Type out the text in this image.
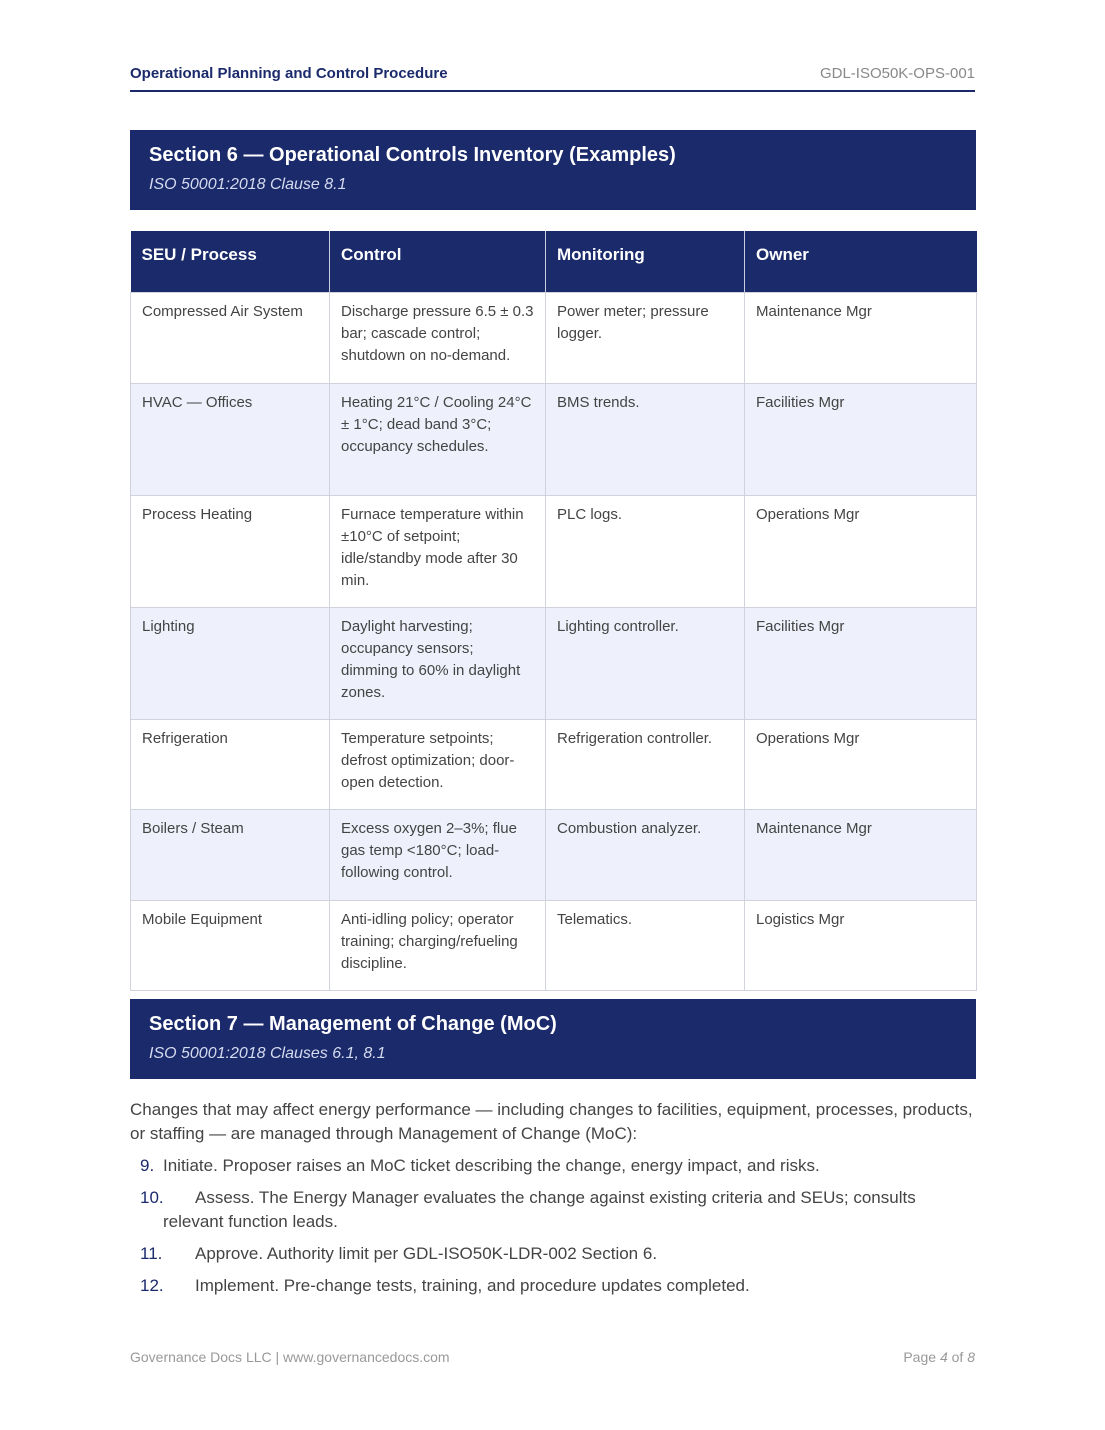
Operational Planning and Control Procedure	GDL-ISO50K-OPS-001
Section 6 — Operational Controls Inventory (Examples)
ISO 50001:2018 Clause 8.1
SEU / Process	Control	Monitoring	Owner
Compressed Air System	Discharge pressure 6.5 ± 0.3 bar; cascade control; shutdown on no-demand.	Power meter; pressure logger.	Maintenance Mgr
HVAC — Offices	Heating 21°C / Cooling 24°C ± 1°C; dead band 3°C; occupancy schedules.	BMS trends.	Facilities Mgr
Process Heating	Furnace temperature within ±10°C of setpoint; idle/standby mode after 30 min.	PLC logs.	Operations Mgr
Lighting	Daylight harvesting; occupancy sensors; dimming to 60% in daylight zones.	Lighting controller.	Facilities Mgr
Refrigeration	Temperature setpoints; defrost optimization; door-open detection.	Refrigeration controller.	Operations Mgr
Boilers / Steam	Excess oxygen 2–3%; flue gas temp <180°C; load-following control.	Combustion analyzer.	Maintenance Mgr
Mobile Equipment	Anti-idling policy; operator training; charging/refueling discipline.	Telematics.	Logistics Mgr
Section 7 — Management of Change (MoC)
ISO 50001:2018 Clauses 6.1, 8.1

Changes that may affect energy performance — including changes to facilities, equipment, processes, products, or staffing — are managed through Management of Change (MoC):

9. Initiate. Proposer raises an MoC ticket describing the change, energy impact, and risks.
10. Assess. The Energy Manager evaluates the change against existing criteria and SEUs; consults relevant function leads.
11. Approve. Authority limit per GDL-ISO50K-LDR-002 Section 6.
12. Implement. Pre-change tests, training, and procedure updates completed.
Governance Docs LLC | www.governancedocs.com	Page 4 of 8
